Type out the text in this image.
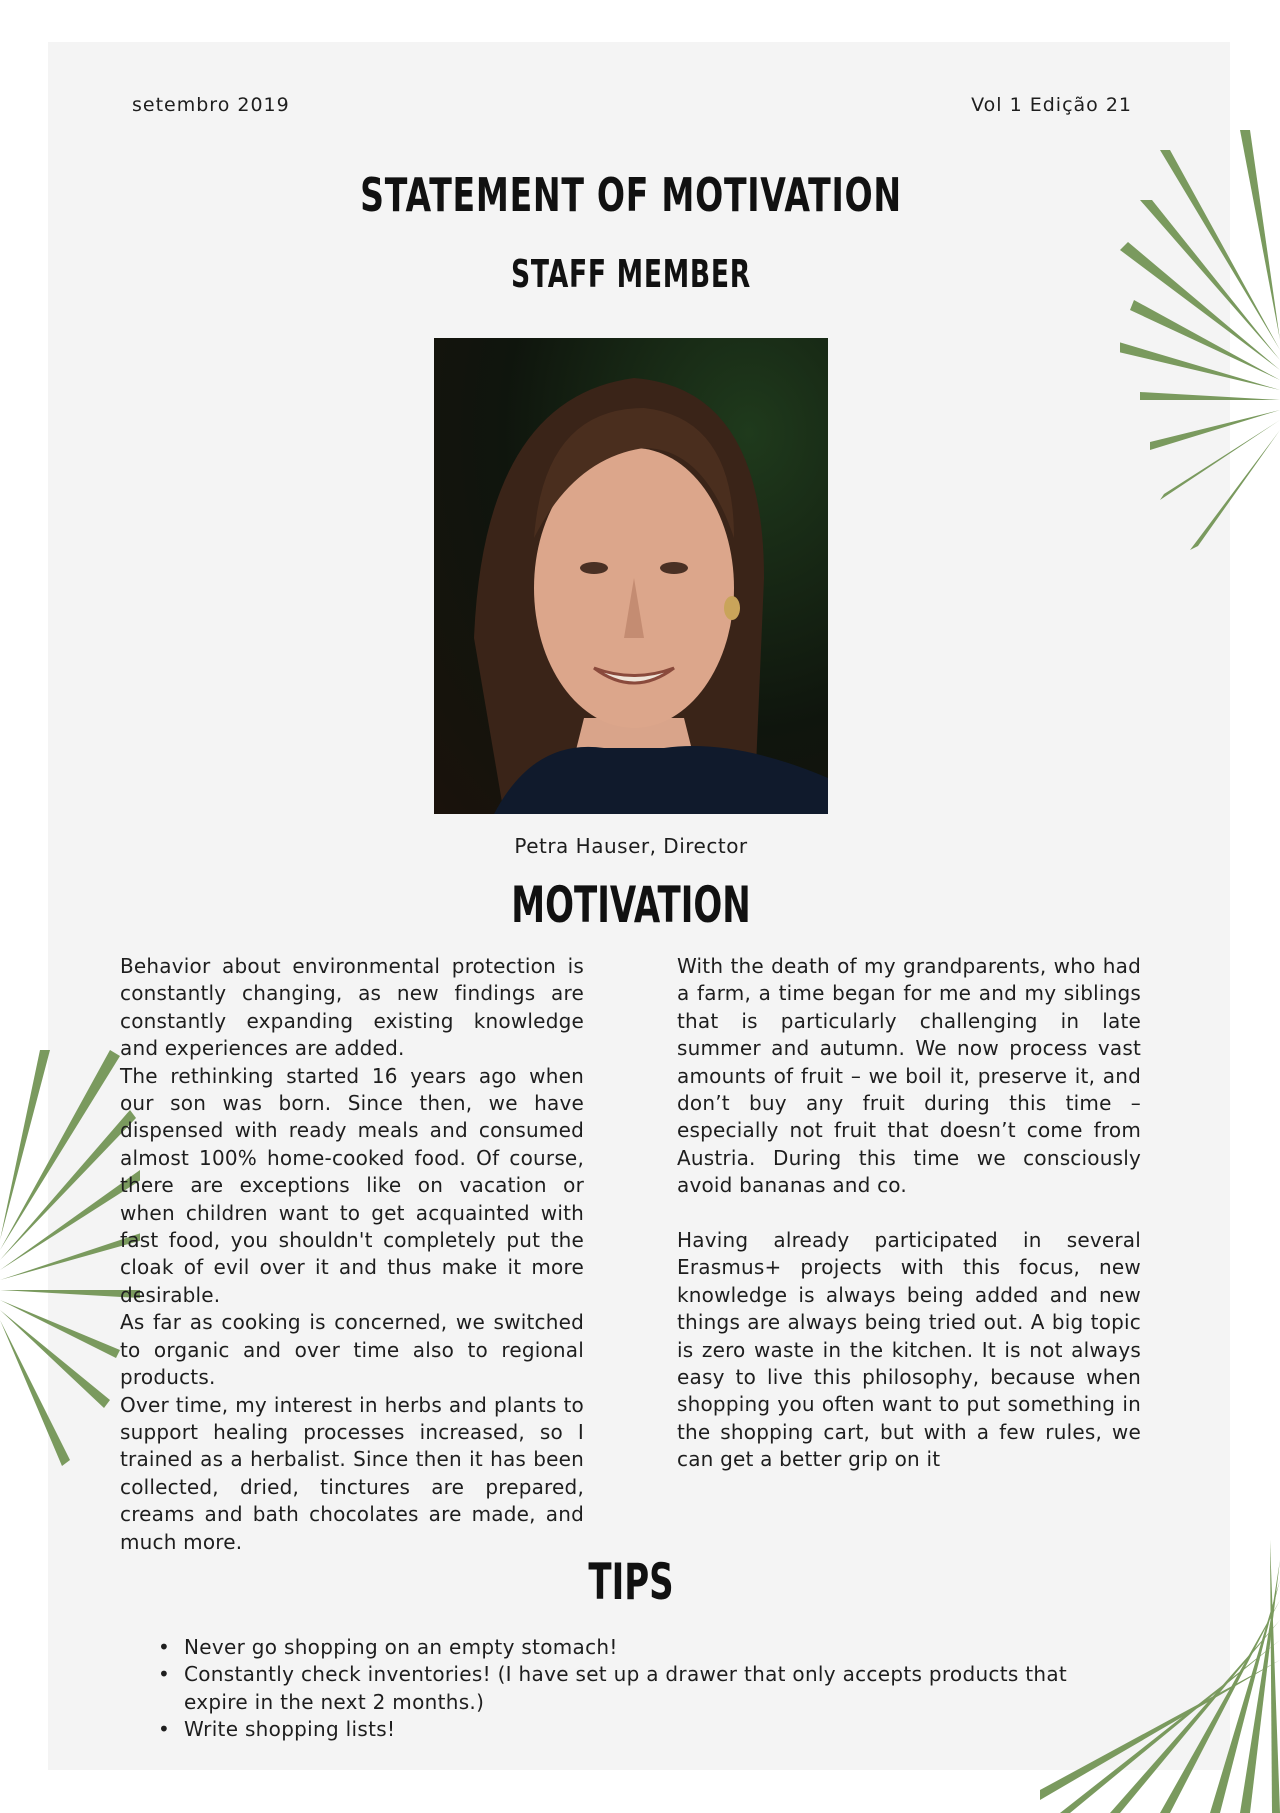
setembro 2019	Vol 1 Edição 21
STATEMENT OF MOTIVATION
STAFF MEMBER
Petra Hauser, Director
MOTIVATION

Behavior about environmental protection is constantly changing, as new findings are constantly expanding existing knowledge and experiences are added.

The rethinking started 16 years ago when our son was born. Since then, we have dispensed with ready meals and consumed almost 100% home-cooked food. Of course, there are exceptions like on vacation or when children want to get acquainted with fast food, you shouldn't completely put the cloak of evil over it and thus make it more desirable.

As far as cooking is concerned, we switched to organic and over time also to regional products.

Over time, my interest in herbs and plants to support healing processes increased, so I trained as a herbalist. Since then it has been collected, dried, tinctures are prepared, creams and bath chocolates are made, and much more.

With the death of my grandparents, who had a farm, a time began for me and my siblings that is particularly challenging in late summer and autumn. We now process vast amounts of fruit – we boil it, preserve it, and don’t buy any fruit during this time – especially not fruit that doesn’t come from Austria. During this time we consciously avoid bananas and co.

Having already participated in several Erasmus+ projects with this focus, new knowledge is always being added and new things are always being tried out. A big topic is zero waste in the kitchen. It is not always easy to live this philosophy, because when shopping you often want to put something in the shopping cart, but with a few rules, we can get a better grip on it

TIPS
• Never go shopping on an empty stomach!
• Constantly check inventories! (I have set up a drawer that only accepts products that expire in the next 2 months.)
• Write shopping lists!
